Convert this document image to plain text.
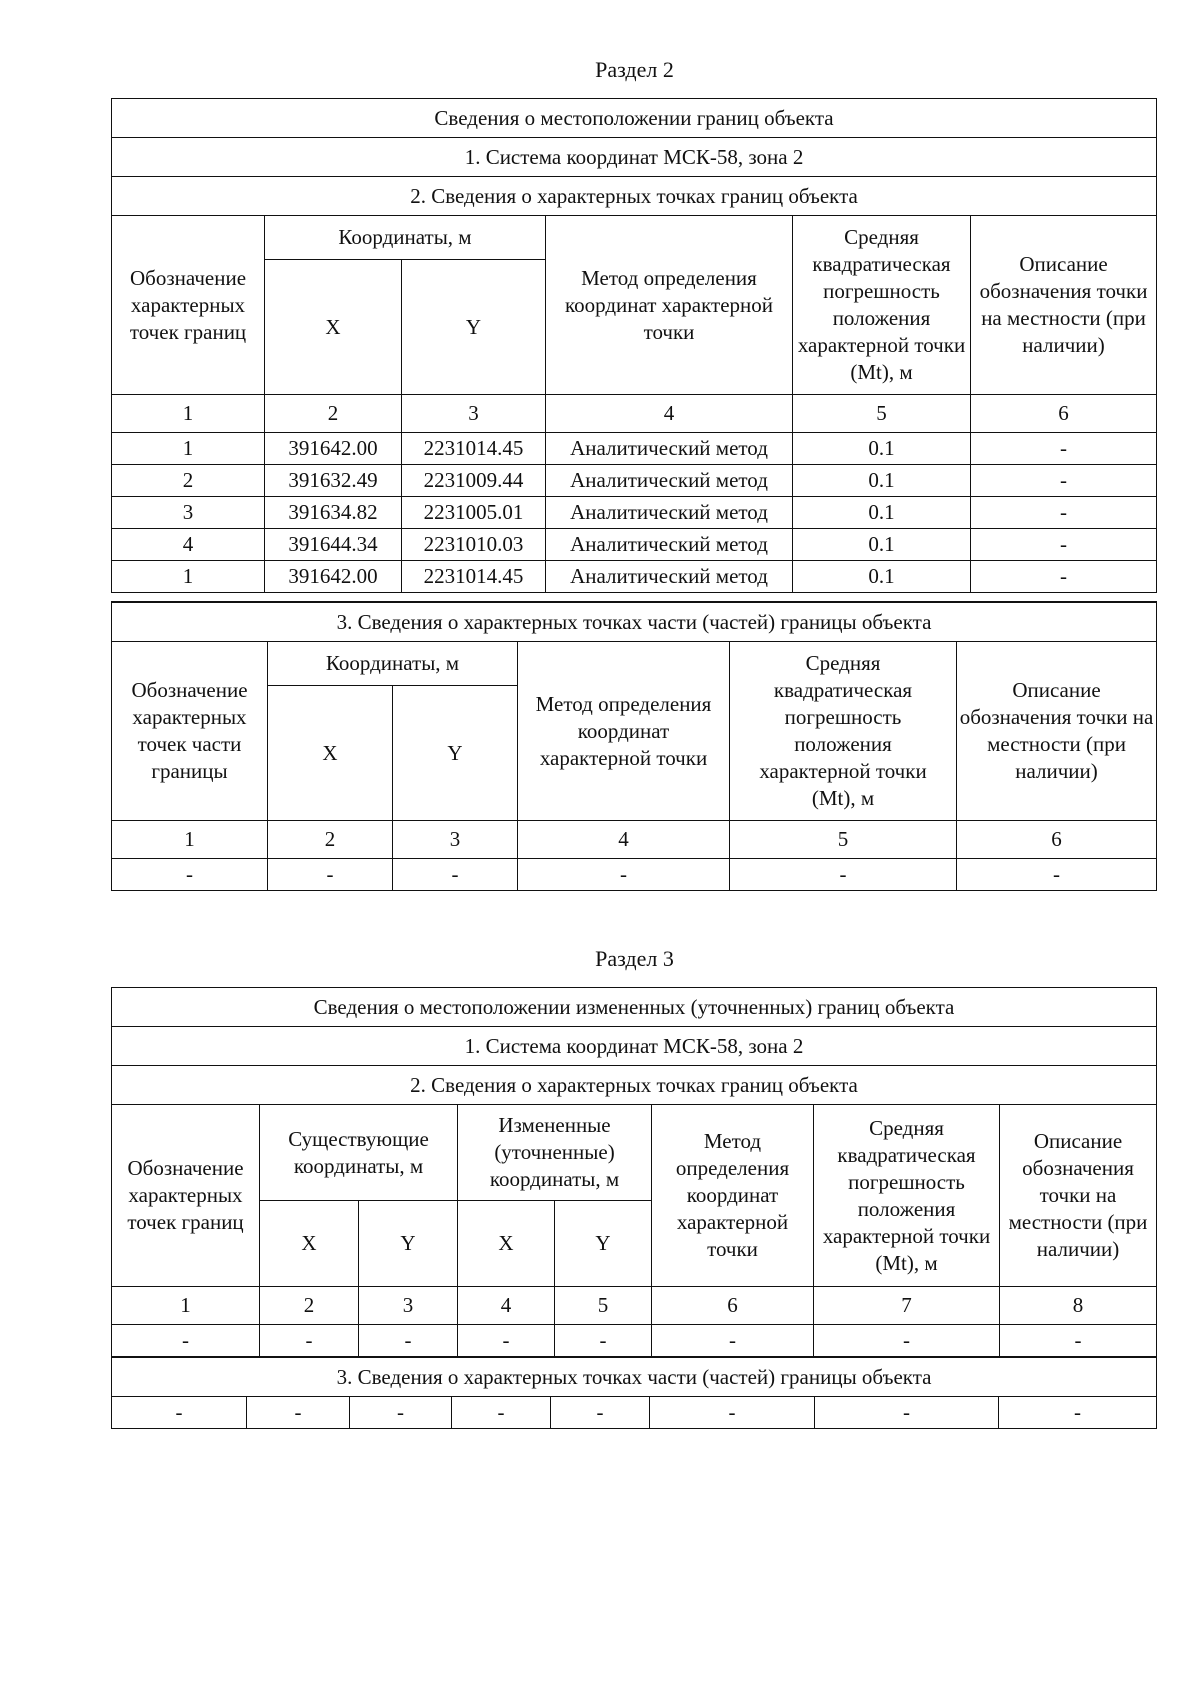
Раздел 2
Сведения о местоположении границ объекта					
1. Система координат МСК-58, зона 2					
2. Сведения о характерных точках границ объекта					
Обозначение характерных точек границ	Координаты, м		Метод определения координат характерной точки	Средняя квадратическая погрешность положения характерной точки (Mt), м	Описание обозначения точки на местности (при наличии)
	X	Y			
1	2	3	4	5	6
1	391642.00	2231014.45	Аналитический метод	0.1	-
2	391632.49	2231009.44	Аналитический метод	0.1	-
3	391634.82	2231005.01	Аналитический метод	0.1	-
4	391644.34	2231010.03	Аналитический метод	0.1	-
1	391642.00	2231014.45	Аналитический метод	0.1	-
3. Сведения о характерных точках части (частей) границы объекта					
Обозначение характерных точек части границы	Координаты, м		Метод определения координат характерной точки	Средняя квадратическая погрешность положения характерной точки (Mt), м	Описание обозначения точки на местности (при наличии)
	X	Y			
1	2	3	4	5	6
-	-	-	-	-	-
Раздел 3
Сведения о местоположении измененных (уточненных) границ объекта							
1. Система координат МСК-58, зона 2							
2. Сведения о характерных точках границ объекта							
Обозначение характерных точек границ	Существующие координаты, м		Измененные (уточненные) координаты, м		Метод определения координат характерной точки	Средняя квадратическая погрешность положения характерной точки (Mt), м	Описание обозначения точки на местности (при наличии)
	X	Y	X	Y			
1	2	3	4	5	6	7	8
-	-	-	-	-	-	-	-
3. Сведения о характерных точках части (частей) границы объекта
-	-	-	-	-	-	-	-
